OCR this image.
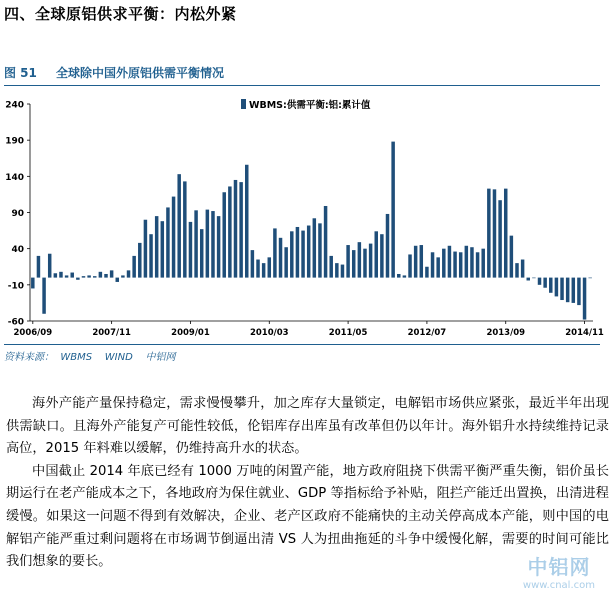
四、全球原铝供求平衡：内松外紧
图 51 全球除中国外原铝供需平衡情况
-60
-10
40
90
140
190
240
2006/09	2007/11	2009/01	2010/03	2011/05	2012/07	2013/09	2014/11
WBMS:供需平衡:铝:累计值
资料来源：  WBMS    WIND    中铝网

海外产能产量保持稳定，需求慢慢攀升，加之库存大量锁定，电解铝市场供应紧张，最近半年出现供需缺口。且海外产能复产可能性较低，伦铝库存出库虽有改革但仍以年计。海外铝升水持续维持记录高位，2015 年料难以缓解，仍维持高升水的状态。

中国截止 2014 年底已经有 1000 万吨的闲置产能，地方政府阻挠下供需平衡严重失衡，铝价虽长期运行在老产能成本之下，各地政府为保住就业、GDP 等指标给予补贴，阻拦产能迁出置换，出清进程缓慢。如果这一问题不得到有效解决，企业、老产区政府不能痛快的主动关停高成本产能，则中国的电解铝产能严重过剩问题将在市场调节倒逼出清 VS 人为扭曲拖延的斗争中缓慢化解，需要的时间可能比我们想象的要长。	中铝网
www.cnal.com
